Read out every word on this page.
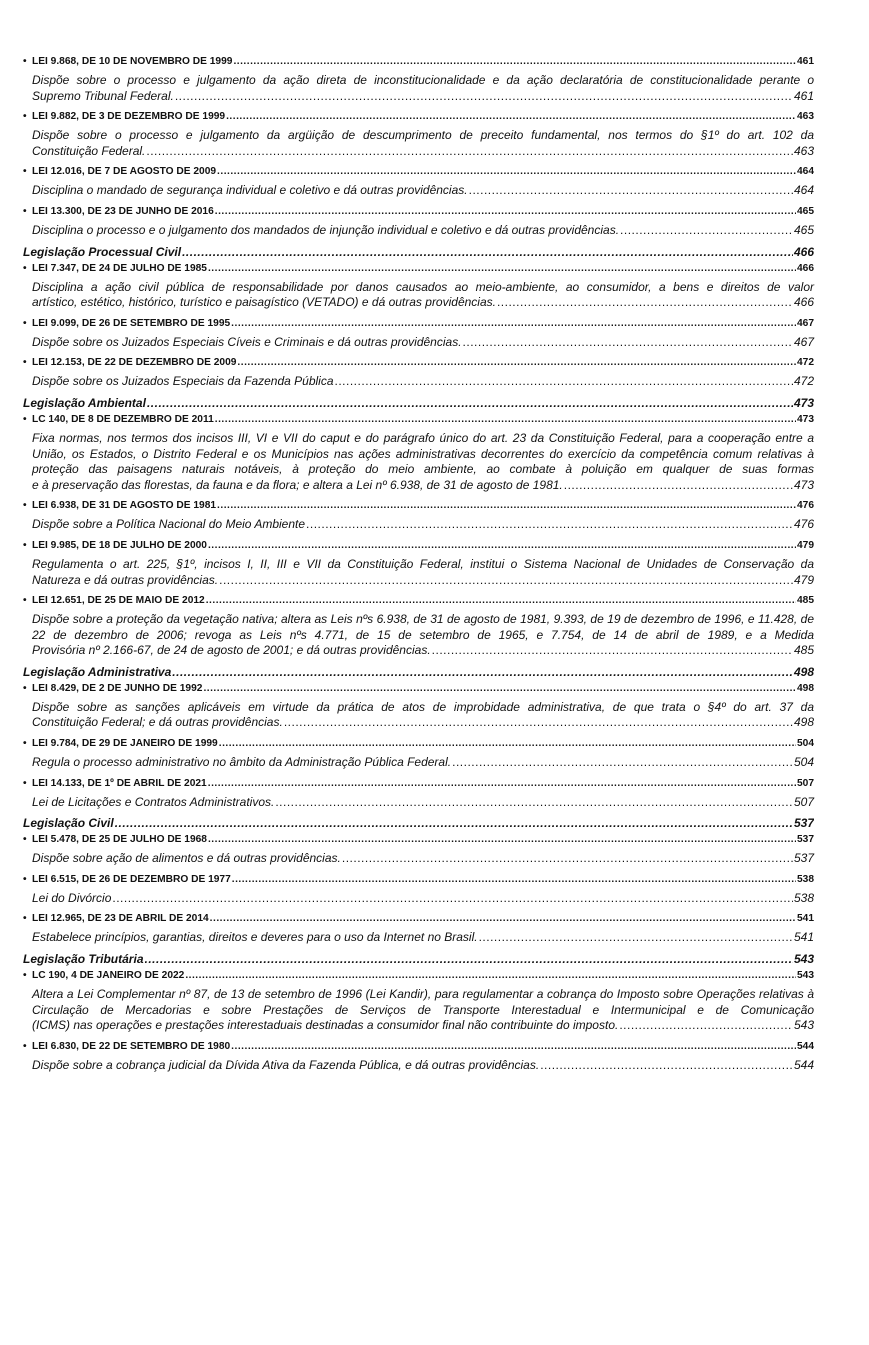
• LEI 9.868, DE 10 DE NOVEMBRO DE 1999 .....	461
Dispõe sobre o processo e julgamento da ação direta de inconstitucionalidade e da ação declaratória de constitucionalidade perante o
Supremo Tribunal Federal. .....	461
• LEI 9.882, DE 3 DE DEZEMBRO DE 1999 .....	463
Dispõe sobre o processo e julgamento da argüição de descumprimento de preceito fundamental, nos termos do §1º do art. 102 da
Constituição Federal. .....	463
• LEI 12.016, DE 7 DE AGOSTO DE 2009 .....	464
Disciplina o mandado de segurança individual e coletivo e dá outras providências. .....	464
• LEI 13.300, DE 23 DE JUNHO DE 2016 .....	465
Disciplina o processo e o julgamento dos mandados de injunção individual e coletivo e dá outras providências. .....	465
Legislação Processual Civil .....	466
• LEI 7.347, DE 24 DE JULHO DE 1985 .....	466
Disciplina a ação civil pública de responsabilidade por danos causados ao meio-ambiente, ao consumidor, a bens e direitos de valor
artístico, estético, histórico, turístico e paisagístico (VETADO) e dá outras providências. .....	466
• LEI 9.099, DE 26 DE SETEMBRO DE 1995 .....	467
Dispõe sobre os Juizados Especiais Cíveis e Criminais e dá outras providências. .....	467
• LEI 12.153, DE 22 DE DEZEMBRO DE 2009 .....	472
Dispõe sobre os Juizados Especiais da Fazenda Pública .....	472
Legislação Ambiental .....	473
• LC 140, DE 8 DE DEZEMBRO DE 2011 .....	473
Fixa normas, nos termos dos incisos III, VI e VII do caput e do parágrafo único do art. 23 da Constituição Federal, para a cooperação entre a União, os Estados, o Distrito Federal e os Municípios nas ações administrativas decorrentes do exercício da competência comum relativas à proteção das paisagens naturais notáveis, à proteção do meio ambiente, ao combate à poluição em qualquer de suas formas
e à preservação das florestas, da fauna e da flora; e altera a Lei nº 6.938, de 31 de agosto de 1981. .....	473
• LEI 6.938, DE 31 DE AGOSTO DE 1981 .....	476
Dispõe sobre a Política Nacional do Meio Ambiente .....	476
• LEI 9.985, DE 18 DE JULHO DE 2000 .....	479
Regulamenta o art. 225, §1º, incisos I, II, III e VII da Constituição Federal, institui o Sistema Nacional de Unidades de Conservação da
Natureza e dá outras providências. .....	479
• LEI 12.651, DE 25 DE MAIO DE 2012 .....	485
Dispõe sobre a proteção da vegetação nativa; altera as Leis nºs 6.938, de 31 de agosto de 1981, 9.393, de 19 de dezembro de 1996, e 11.428, de 22 de dezembro de 2006; revoga as Leis nºs 4.771, de 15 de setembro de 1965, e 7.754, de 14 de abril de 1989, e a Medida
Provisória nº 2.166-67, de 24 de agosto de 2001; e dá outras providências. .....	485
Legislação Administrativa .....	498
• LEI 8.429, DE 2 DE JUNHO DE 1992 .....	498
Dispõe sobre as sanções aplicáveis em virtude da prática de atos de improbidade administrativa, de que trata o §4º do art. 37 da
Constituição Federal; e dá outras providências. .....	498
• LEI 9.784, DE 29 DE JANEIRO DE 1999 .....	504
Regula o processo administrativo no âmbito da Administração Pública Federal. .....	504
• LEI 14.133, DE 1º DE ABRIL DE 2021 .....	507
Lei de Licitações e Contratos Administrativos. .....	507
Legislação Civil .....	537
• LEI 5.478, DE 25 DE JULHO DE 1968 .....	537
Dispõe sobre ação de alimentos e dá outras providências. .....	537
• LEI 6.515, DE 26 DE DEZEMBRO DE 1977 .....	538
Lei do Divórcio .....	538
• LEI 12.965, DE 23 DE ABRIL DE 2014 .....	541
Estabelece princípios, garantias, direitos e deveres para o uso da Internet no Brasil. .....	541
Legislação Tributária .....	543
• LC 190, 4 DE JANEIRO DE 2022 .....	543
Altera a Lei Complementar nº 87, de 13 de setembro de 1996 (Lei Kandir), para regulamentar a cobrança do Imposto sobre Operações relativas à Circulação de Mercadorias e sobre Prestações de Serviços de Transporte Interestadual e Intermunicipal e de Comunicação
(ICMS) nas operações e prestações interestaduais destinadas a consumidor final não contribuinte do imposto. .....	543
• LEI 6.830, DE 22 DE SETEMBRO DE 1980 .....	544
Dispõe sobre a cobrança judicial da Dívida Ativa da Fazenda Pública, e dá outras providências. .....	544
